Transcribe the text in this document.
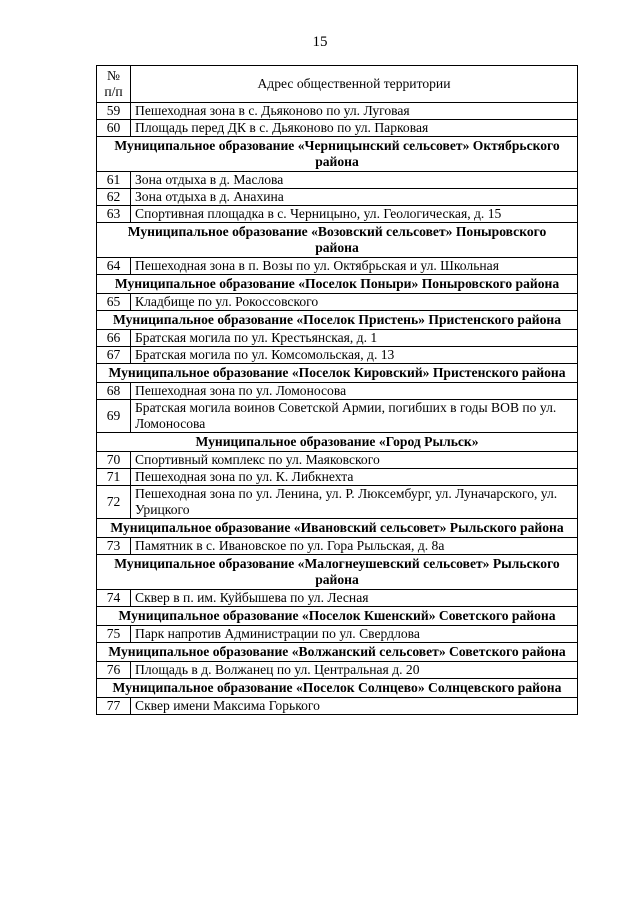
15
№
п/п	Адрес общественной территории
59	Пешеходная зона в с. Дьяконово по ул. Луговая
60	Площадь перед ДК в с. Дьяконово по ул. Парковая
Муниципальное образование «Черницынский сельсовет» Октябрьского района	
61	Зона отдыха в д. Маслова
62	Зона отдыха в д. Анахина
63	Спортивная площадка в с. Черницыно, ул. Геологическая, д. 15
Муниципальное образование «Возовский сельсовет» Поныровского района	
64	Пешеходная зона в п. Возы по ул. Октябрьская и ул. Школьная
Муниципальное образование «Поселок Поныри» Поныровского района	
65	Кладбище по ул. Рокоссовского
Муниципальное образование «Поселок Пристень» Пристенского района	
66	Братская могила по ул. Крестьянская, д. 1
67	Братская могила по ул. Комсомольская, д. 13
Муниципальное образование «Поселок Кировский» Пристенского района	
68	Пешеходная зона по ул. Ломоносова
69	Братская могила воинов Советской Армии, погибших в годы ВОВ по ул. Ломоносова
Муниципальное образование «Город Рыльск»	
70	Спортивный комплекс по ул. Маяковского
71	Пешеходная зона по ул. К. Либкнехта
72	Пешеходная зона по ул. Ленина, ул. Р. Люксембург, ул. Луначарского, ул. Урицкого
Муниципальное образование «Ивановский сельсовет» Рыльского района	
73	Памятник в с. Ивановское по ул. Гора Рыльская, д. 8а
Муниципальное образование «Малогнеушевский сельсовет» Рыльского района	
74	Сквер в п. им. Куйбышева по ул. Лесная
Муниципальное образование «Поселок Кшенский» Советского района	
75	Парк напротив Администрации по ул. Свердлова
Муниципальное образование «Волжанский сельсовет» Советского района	
76	Площадь в д. Волжанец по ул. Центральная д. 20
Муниципальное образование «Поселок Солнцево» Солнцевского района	
77	Сквер имени Максима Горького
